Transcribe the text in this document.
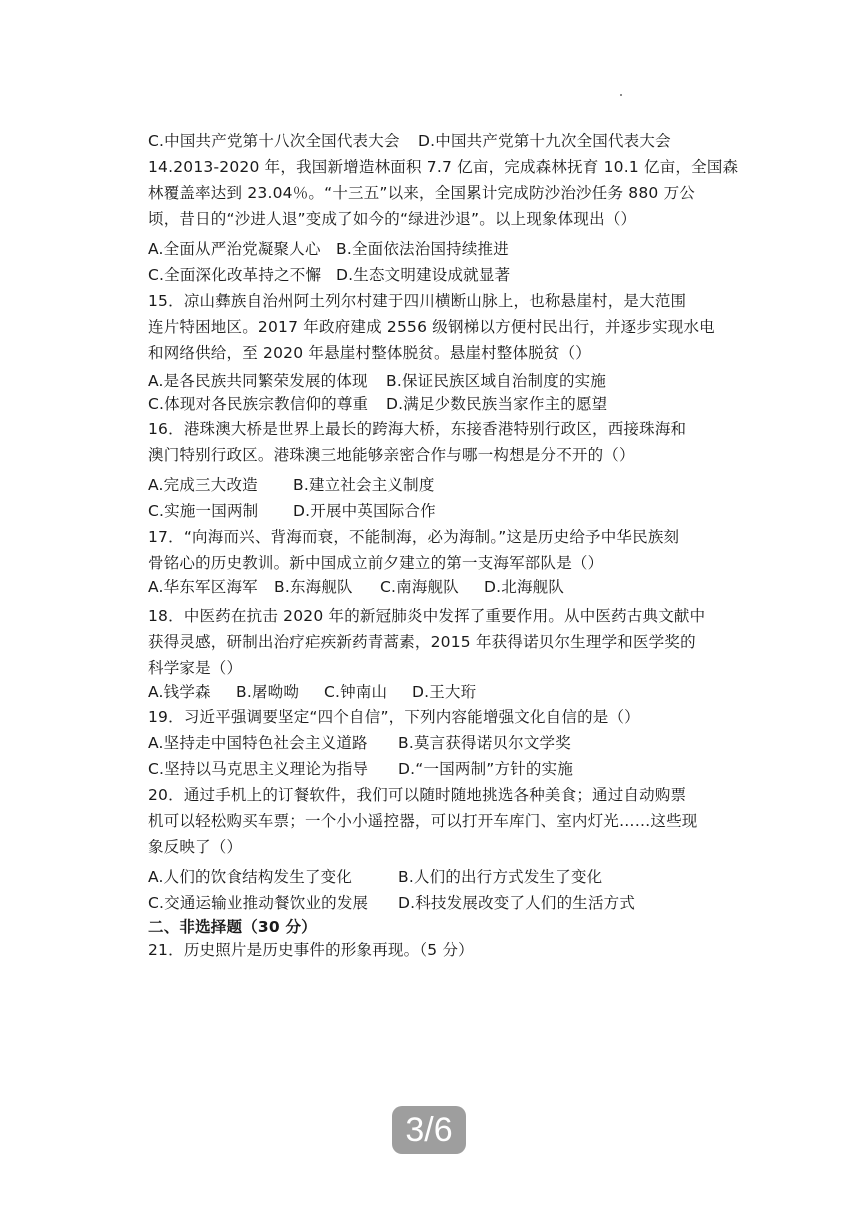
C.中国共产党第十八次全国代表大会 D.中国共产党第十九次全国代表大会
14.2013-2020 年，我国新增造林面积 7.7 亿亩，完成森林抚育 10.1 亿亩，全国森
林覆盖率达到 23.04％。“十三五”以来，全国累计完成防沙治沙任务 880 万公
顷，昔日的“沙进人退”变成了如今的“绿进沙退”。以上现象体现出（）
A.全面从严治党凝聚人心 B.全面依法治国持续推进
C.全面深化改革持之不懈 D.生态文明建设成就显著
15．凉山彝族自治州阿土列尔村建于四川横断山脉上，也称悬崖村，是大范围
连片特困地区。2017 年政府建成 2556 级钢梯以方便村民出行，并逐步实现水电
和网络供给，至 2020 年悬崖村整体脱贫。悬崖村整体脱贫（）
A.是各民族共同繁荣发展的体现 B.保证民族区域自治制度的实施
C.体现对各民族宗教信仰的尊重 D.满足少数民族当家作主的愿望
16．港珠澳大桥是世界上最长的跨海大桥，东接香港特别行政区，西接珠海和
澳门特别行政区。港珠澳三地能够亲密合作与哪一构想是分不开的（）
A.完成三大改造 B.建立社会主义制度
C.实施一国两制 D.开展中英国际合作
17．“向海而兴、背海而衰，不能制海，必为海制。”这是历史给予中华民族刻
骨铭心的历史教训。新中国成立前夕建立的第一支海军部队是（）
A.华东军区海军 B.东海舰队 C.南海舰队 D.北海舰队
18．中医药在抗击 2020 年的新冠肺炎中发挥了重要作用。从中医药古典文献中
获得灵感，研制出治疗疟疾新药青蒿素，2015 年获得诺贝尔生理学和医学奖的
科学家是（）
A.钱学森 B.屠呦呦 C.钟南山 D.王大珩
19．习近平强调要坚定“四个自信”，下列内容能增强文化自信的是（）
A.坚持走中国特色社会主义道路 B.莫言获得诺贝尔文学奖
C.坚持以马克思主义理论为指导 D.“一国两制”方针的实施
20．通过手机上的订餐软件，我们可以随时随地挑选各种美食；通过自动购票
机可以轻松购买车票；一个小小遥控器，可以打开车库门、室内灯光……这些现
象反映了（）
A.人们的饮食结构发生了变化	B.人们的出行方式发生了变化
C.交通运输业推动餐饮业的发展 D.科技发展改变了人们的生活方式
二、非选择题（30 分）
21．历史照片是历史事件的形象再现。（5 分）
3/6
